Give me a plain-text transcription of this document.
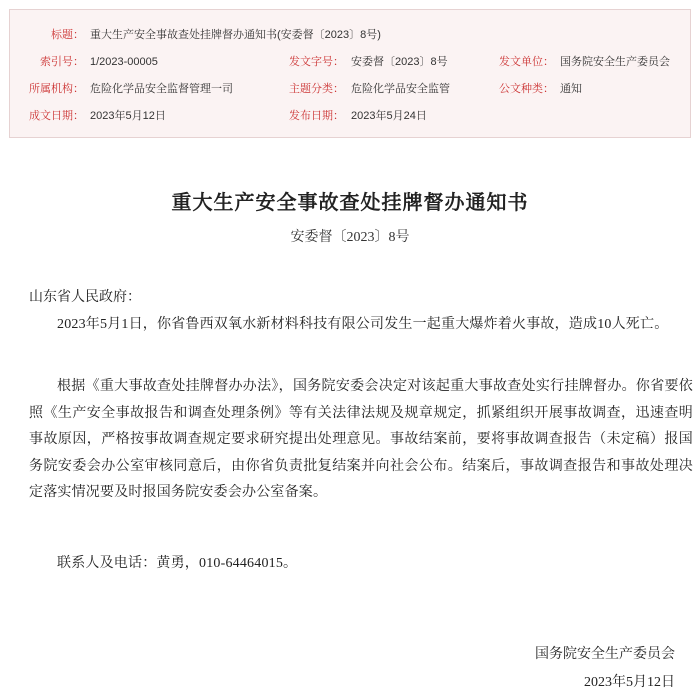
标题： 重大生产安全事故查处挂牌督办通知书(安委督〔2023〕8号)
索引号： 1/2023-00005	发文字号： 安委督〔2023〕8号	发文单位： 国务院安全生产委员会
所属机构： 危险化学品安全监督管理一司	主题分类： 危险化学品安全监管	公文种类： 通知
成文日期： 2023年5月12日	发布日期： 2023年5月24日
重大生产安全事故查处挂牌督办通知书
安委督〔2023〕8号
山东省人民政府：

2023年5月1日，你省鲁西双氧水新材料科技有限公司发生一起重大爆炸着火事故，造成10人死亡。

根据《重大事故查处挂牌督办办法》，国务院安委会决定对该起重大事故查处实行挂牌督办。你省要依照《生产安全事故报告和调查处理条例》等有关法律法规及规章规定，抓紧组织开展事故调查，迅速查明事故原因，严格按事故调查规定要求研究提出处理意见。事故结案前，要将事故调查报告（未定稿）报国务院安委会办公室审核同意后，由你省负责批复结案并向社会公布。结案后，事故调查报告和事故处理决定落实情况要及时报国务院安委会办公室备案。

联系人及电话：黄勇，010-64464015。

国务院安全生产委员会
2023年5月12日
